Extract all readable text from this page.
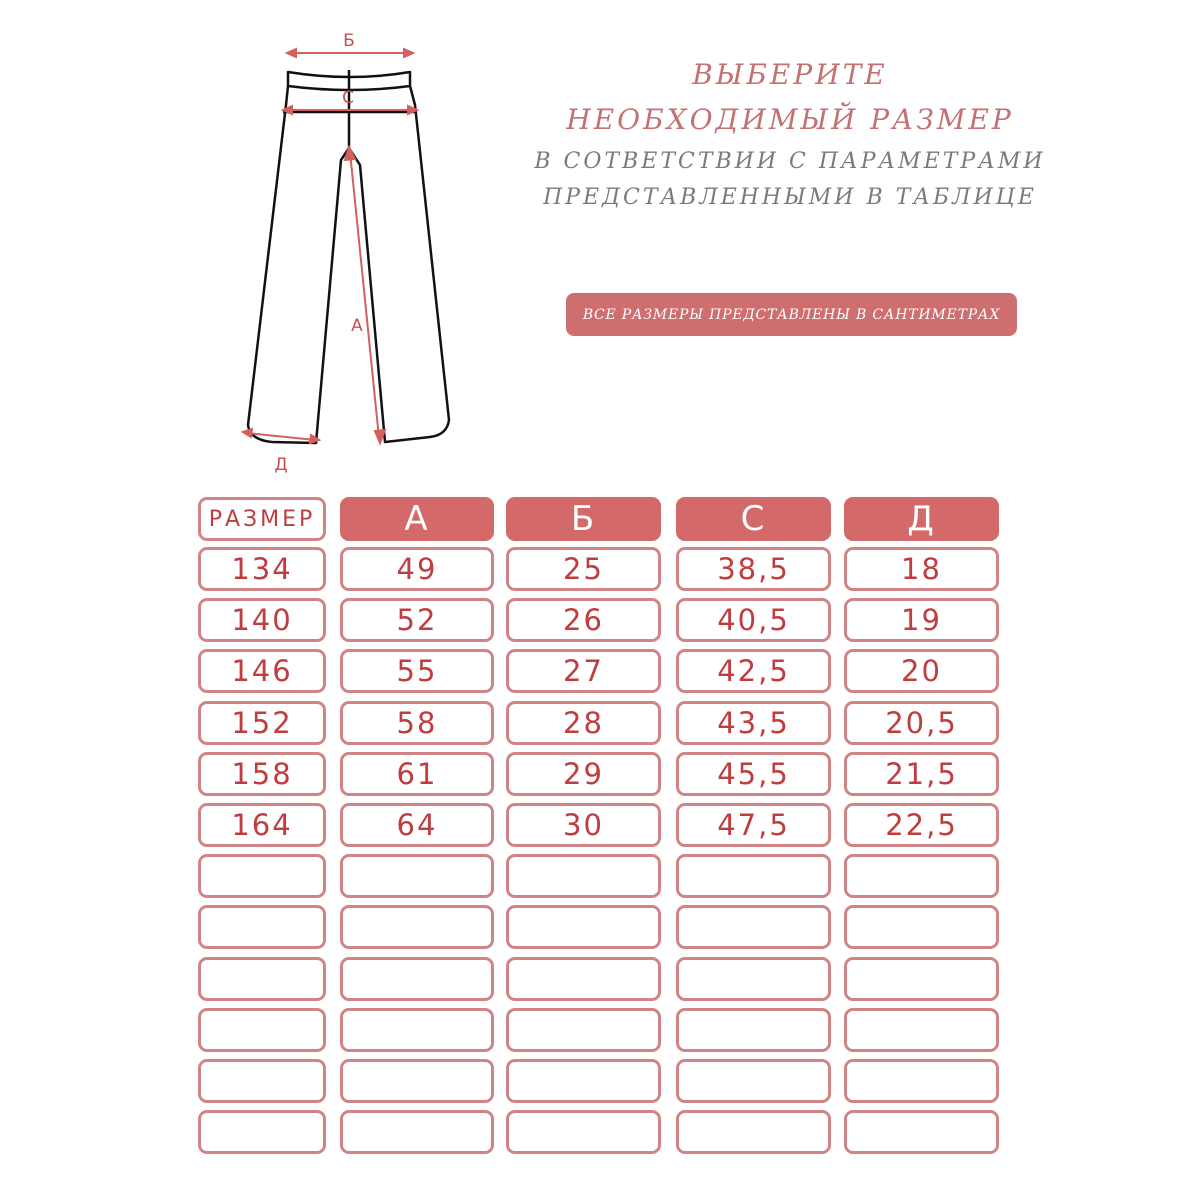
Б
С
А
Д
ВЫБЕРИТЕ
НЕОБХОДИМЫЙ РАЗМЕР
В СОТВЕТСТВИИ С ПАРАМЕТРАМИ
ПРЕДСТАВЛЕННЫМИ В ТАБЛИЦЕ
ВСЕ РАЗМЕРЫ ПРЕДСТАВЛЕНЫ В САНТИМЕТРАХ
РАЗМЕР	А	Б	С	Д
134	49	25	38,5	18
140	52	26	40,5	19
146	55	27	42,5	20
152	58	28	43,5	20,5
158	61	29	45,5	21,5
164	64	30	47,5	22,5
